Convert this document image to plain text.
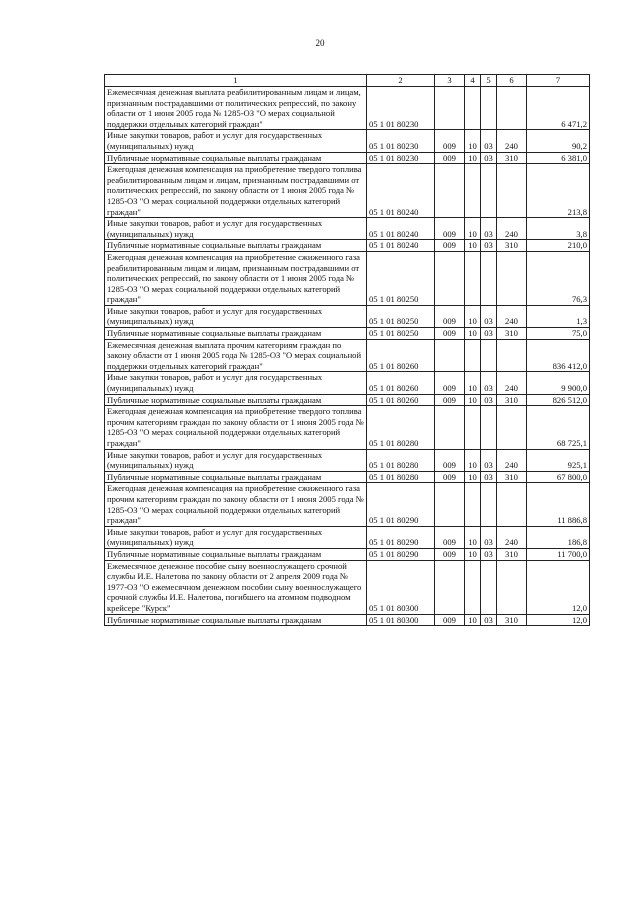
20
1	2	3	4	5	6	7
Ежемесячная денежная выплата реабилитированным лицам и лицам, признанным пострадавшими от политических репрессий, по закону области от 1 июня 2005 года № 1285-ОЗ "О мерах социальной поддержки отдельных категорий граждан"	05 1 01 80230					6 471,2
Иные закупки товаров, работ и услуг для государственных (муниципальных) нужд	05 1 01 80230	009	10	03	240	90,2
Публичные нормативные социальные выплаты гражданам	05 1 01 80230	009	10	03	310	6 381,0
Ежегодная денежная компенсация на приобретение твердого топлива реабилитированным лицам и лицам, признанным пострадавшими от политических репрессий, по закону области от 1 июня 2005 года № 1285-ОЗ "О мерах социальной поддержки отдельных категорий граждан"	05 1 01 80240					213,8
Иные закупки товаров, работ и услуг для государственных (муниципальных) нужд	05 1 01 80240	009	10	03	240	3,8
Публичные нормативные социальные выплаты гражданам	05 1 01 80240	009	10	03	310	210,0
Ежегодная денежная компенсация на приобретение сжиженного газа реабилитированным лицам и лицам, признанным пострадавшими от политических репрессий, по закону области от 1 июня 2005 года № 1285-ОЗ "О мерах социальной поддержки отдельных категорий граждан"	05 1 01 80250					76,3
Иные закупки товаров, работ и услуг для государственных (муниципальных) нужд	05 1 01 80250	009	10	03	240	1,3
Публичные нормативные социальные выплаты гражданам	05 1 01 80250	009	10	03	310	75,0
Ежемесячная денежная выплата прочим категориям граждан по закону области от 1 июня 2005 года № 1285-ОЗ "О мерах социальной поддержки отдельных категорий граждан"	05 1 01 80260					836 412,0
Иные закупки товаров, работ и услуг для государственных (муниципальных) нужд	05 1 01 80260	009	10	03	240	9 900,0
Публичные нормативные социальные выплаты гражданам	05 1 01 80260	009	10	03	310	826 512,0
Ежегодная денежная компенсация на приобретение твердого топлива прочим категориям граждан по закону области от 1 июня 2005 года № 1285-ОЗ "О мерах социальной поддержки отдельных категорий граждан"	05 1 01 80280					68 725,1
Иные закупки товаров, работ и услуг для государственных (муниципальных) нужд	05 1 01 80280	009	10	03	240	925,1
Публичные нормативные социальные выплаты гражданам	05 1 01 80280	009	10	03	310	67 800,0
Ежегодная денежная компенсация на приобретение сжиженного газа прочим категориям граждан по закону области от 1 июня 2005 года № 1285-ОЗ "О мерах социальной поддержки отдельных категорий граждан"	05 1 01 80290					11 886,8
Иные закупки товаров, работ и услуг для государственных (муниципальных) нужд	05 1 01 80290	009	10	03	240	186,8
Публичные нормативные социальные выплаты гражданам	05 1 01 80290	009	10	03	310	11 700,0
Ежемесячное денежное пособие сыну военнослужащего срочной службы И.Е. Налетова по закону области от 2 апреля 2009 года № 1977-ОЗ "О ежемесячном денежном пособии сыну военнослужащего срочной службы И.Е. Налетова, погибшего на атомном подводном крейсере "Курск"	05 1 01 80300					12,0
Публичные нормативные социальные выплаты гражданам	05 1 01 80300	009	10	03	310	12,0
